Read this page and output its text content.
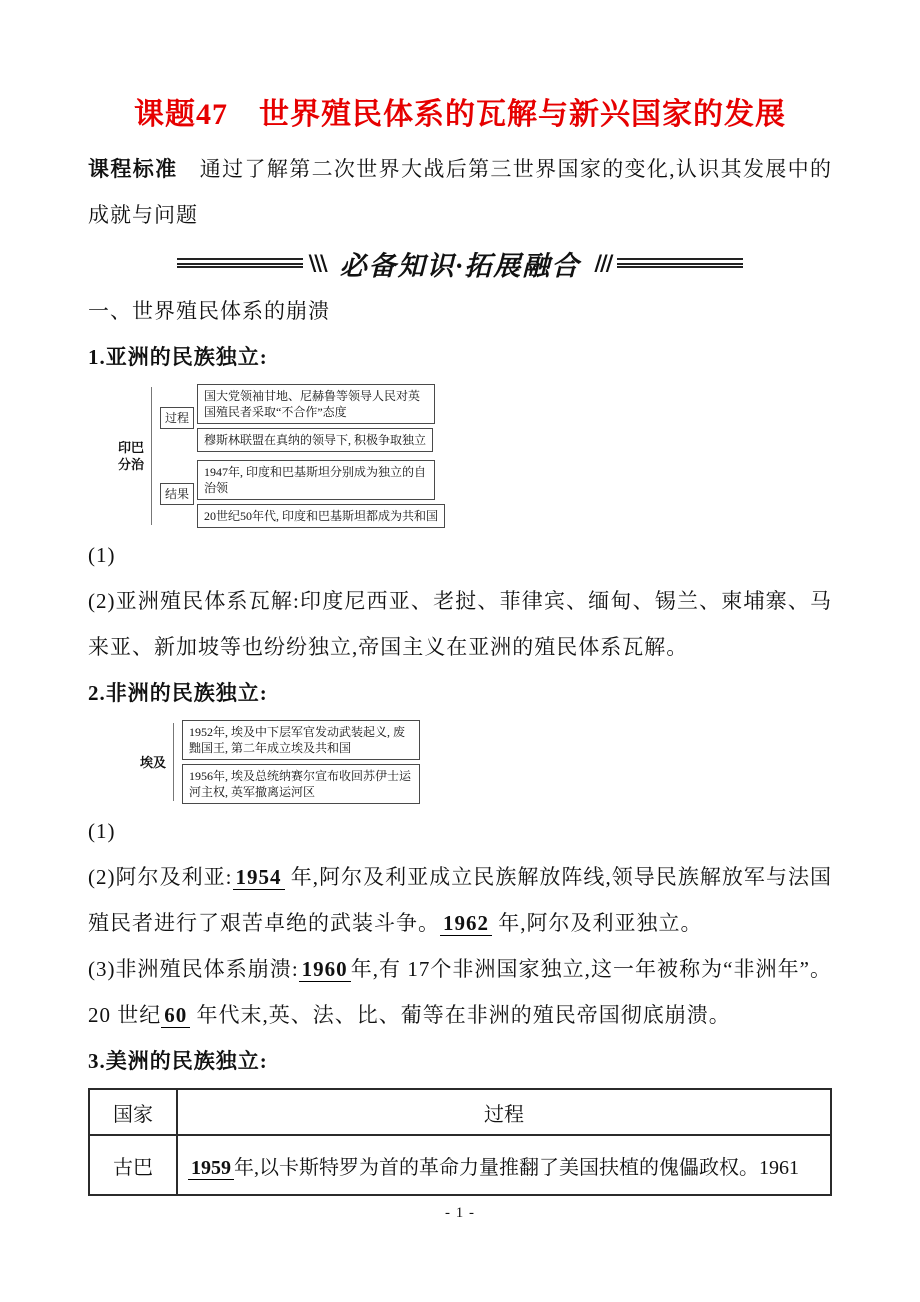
课题47　世界殖民体系的瓦解与新兴国家的发展

课程标准　通过了解第二次世界大战后第三世界国家的变化,认识其发展中的成就与问题

\\\ 必备知识·拓展融合 ///

一、世界殖民体系的崩溃

1.亚洲的民族独立:

印巴分治
过程
国大党领袖甘地、尼赫鲁等领导人民对英国殖民者采取“不合作”态度
穆斯林联盟在真纳的领导下, 积极争取独立
结果
1947年, 印度和巴基斯坦分别成为独立的自治领
20世纪50年代, 印度和巴基斯坦都成为共和国

(1)

(2)亚洲殖民体系瓦解:印度尼西亚、老挝、菲律宾、缅甸、锡兰、柬埔寨、马来亚、新加坡等也纷纷独立,帝国主义在亚洲的殖民体系瓦解。

2.非洲的民族独立:

埃及
1952年, 埃及中下层军官发动武装起义, 废黜国王, 第二年成立埃及共和国
1956年, 埃及总统纳赛尔宣布收回苏伊士运河主权, 英军撤离运河区

(1)

(2)阿尔及利亚: 1954 年,阿尔及利亚成立民族解放阵线,领导民族解放军与法国殖民者进行了艰苦卓绝的武装斗争。 1962 年,阿尔及利亚独立。

(3)非洲殖民体系崩溃: 1960 年,有 17个非洲国家独立,这一年被称为“非洲年”。20 世纪 60 年代末,英、法、比、葡等在非洲的殖民帝国彻底崩溃。

3.美洲的民族独立:

国家	过程
古巴	1959 年,以卡斯特罗为首的革命力量推翻了美国扶植的傀儡政权。1961
- 1 -
